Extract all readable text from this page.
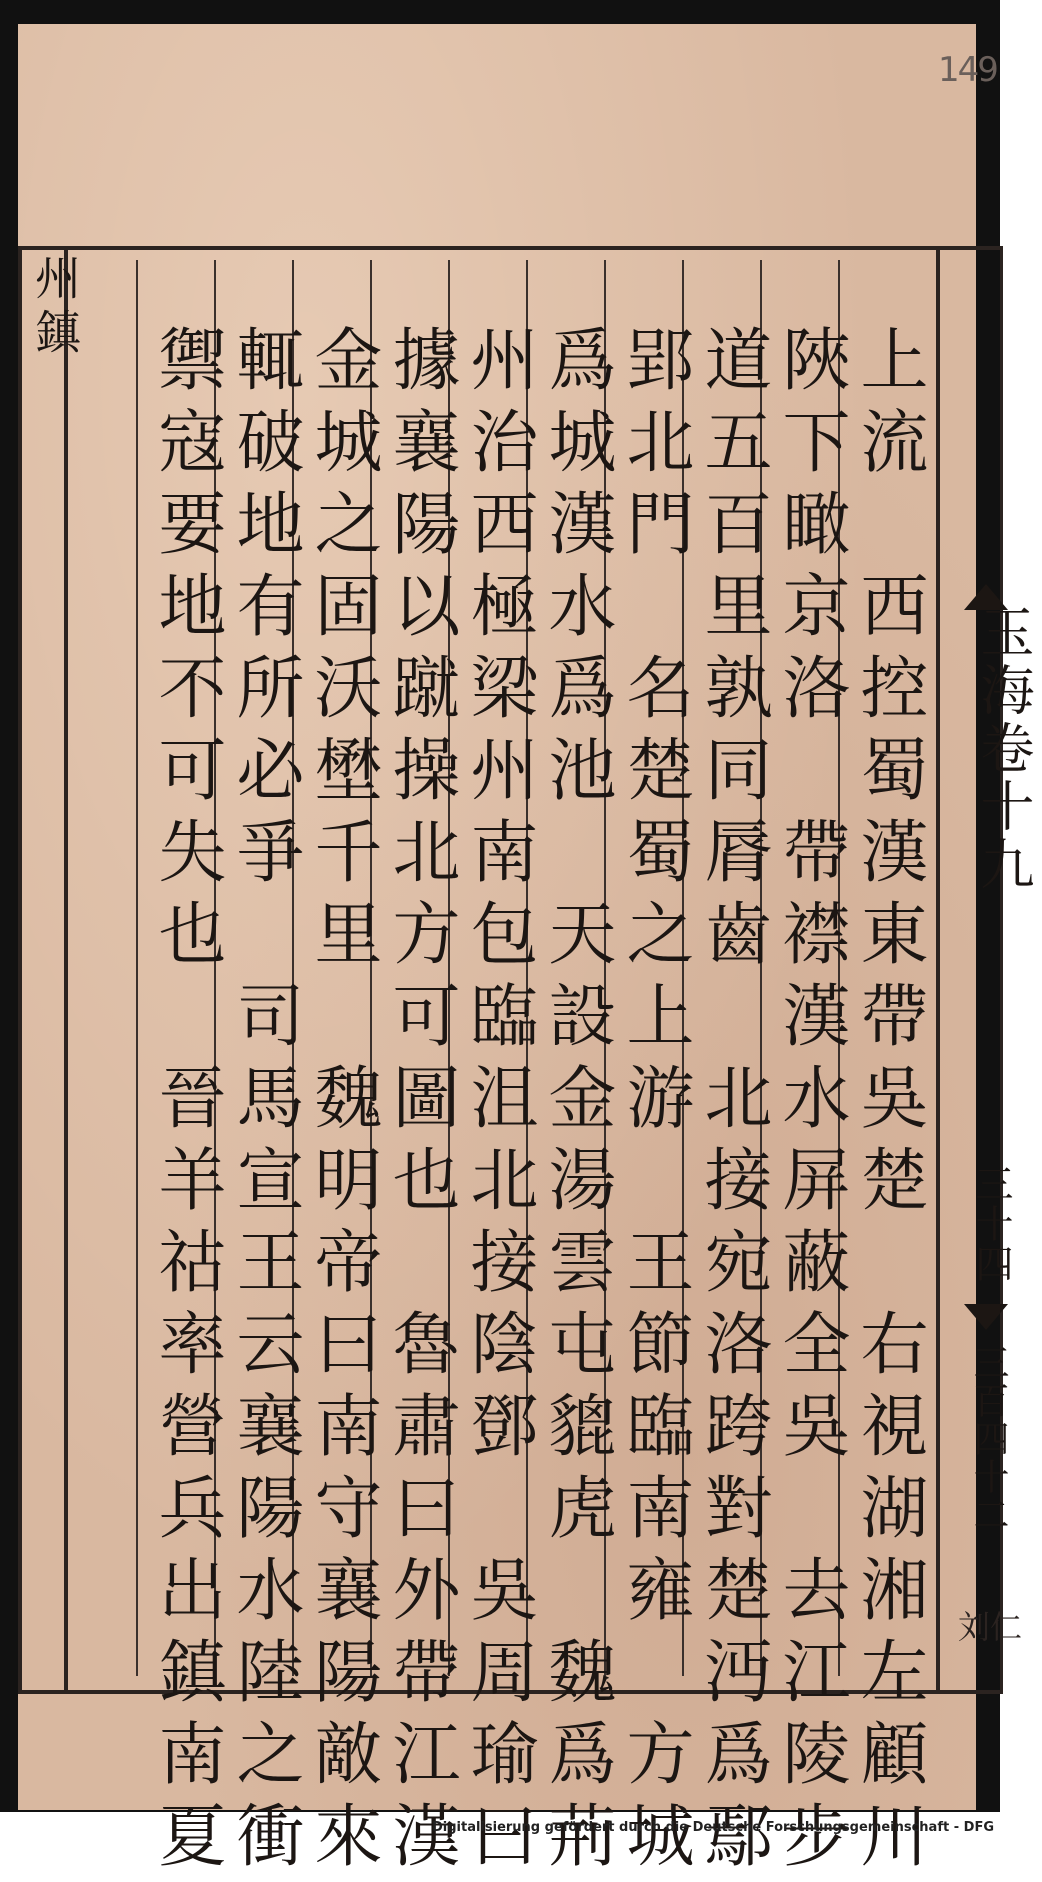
149
州鎮
上流　西控蜀漢東帶吳楚　右視湖湘左顧川
陜下瞰京洛　帶襟漢水屏蔽全吳　去江陵步
道五百里孰同脣齒　北接宛洛跨對楚沔爲鄢
郢北門　名楚蜀之上游　王節臨南雍　方城
爲城漢水爲池　天設金湯雲屯貔虎　魏爲荊
州治西極梁州南包臨沮北接陰鄧　吳周瑜曰
據襄陽以蹴操北方可圖也　魯肅曰外帶江漢
金城之固沃壄千里　魏明帝曰南守襄陽敵來
輒破地有所必爭　司馬宣王云襄陽水陸之衝
禦寇要地不可失也　晉羊祜率營兵出鎮南夏	玉海卷十九
三十四
三百四十二
刘仁
Digitalisierung gefördert durch die Deutsche Forschungsgemeinschaft - DFG
